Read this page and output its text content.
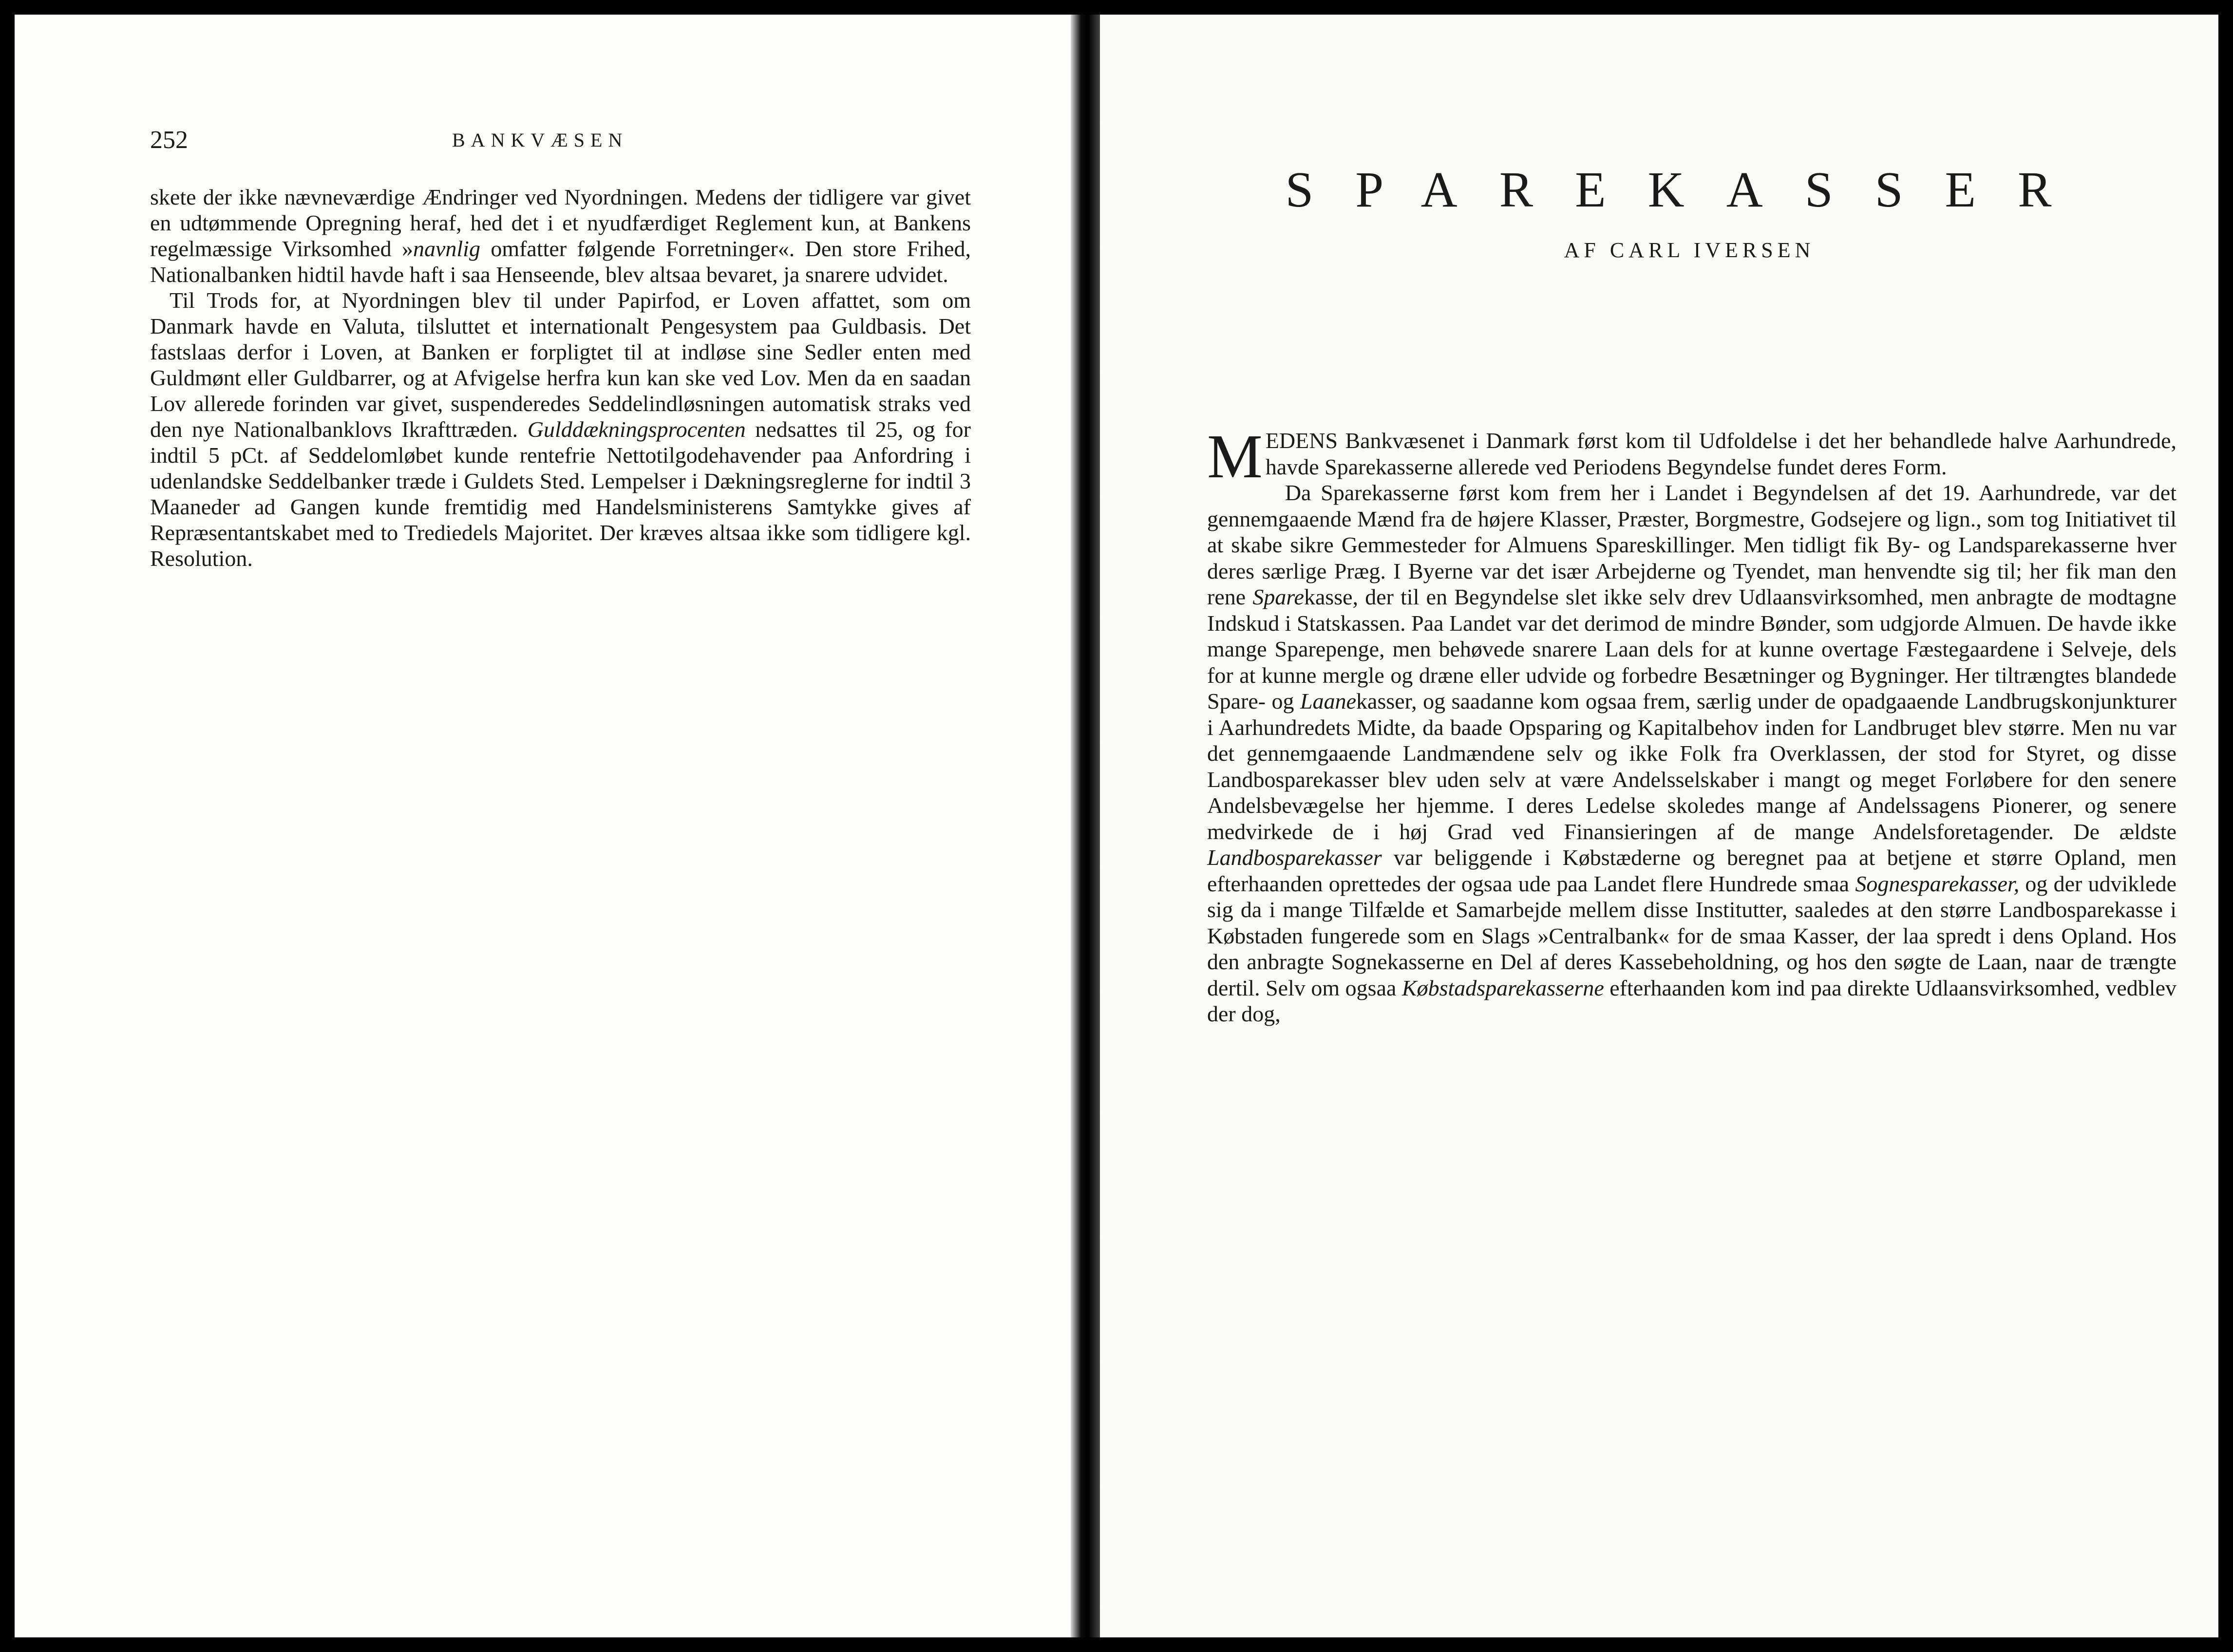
252	BANKVÆSEN

skete der ikke nævneværdige Ændringer ved Nyordningen. Medens der tidligere var givet en udtømmende Opregning heraf, hed det i et nyudfærdiget Reglement kun, at Bankens regelmæssige Virksomhed »navnlig omfatter følgende Forretninger«. Den store Frihed, Nationalbanken hidtil havde haft i saa Henseende, blev altsaa bevaret, ja snarere udvidet.

Til Trods for, at Nyordningen blev til under Papirfod, er Loven affattet, som om Danmark havde en Valuta, tilsluttet et internationalt Pengesystem paa Guldbasis. Det fastslaas derfor i Loven, at Banken er forpligtet til at indløse sine Sedler enten med Guldmønt eller Guldbarrer, og at Afvigelse herfra kun kan ske ved Lov. Men da en saadan Lov allerede forinden var givet, suspenderedes Seddelindløsningen automatisk straks ved den nye Nationalbanklovs Ikrafttræden. Gulddækningsprocenten nedsattes til 25, og for indtil 5 pCt. af Seddelomløbet kunde rentefrie Nettotilgodehavender paa Anfordring i udenlandske Seddelbanker træde i Guldets Sted. Lempelser i Dækningsreglerne for indtil 3 Maaneder ad Gangen kunde fremtidig med Handelsministerens Samtykke gives af Repræsentantskabet med to Trediedels Majoritet. Der kræves altsaa ikke som tidligere kgl. Resolution.

SPAREKASSER
AF CARL IVERSEN

MEDENS Bankvæsenet i Danmark først kom til Udfoldelse i det her behandlede halve Aarhundrede, havde Sparekasserne allerede ved Periodens Begyndelse fundet deres Form.

Da Sparekasserne først kom frem her i Landet i Begyndelsen af det 19. Aarhundrede, var det gennemgaaende Mænd fra de højere Klasser, Præster, Borgmestre, Godsejere og lign., som tog Initiativet til at skabe sikre Gemmesteder for Almuens Spareskillinger. Men tidligt fik By- og Landsparekasserne hver deres særlige Præg. I Byerne var det især Arbejderne og Tyendet, man henvendte sig til; her fik man den rene Sparekasse, der til en Begyndelse slet ikke selv drev Udlaansvirksomhed, men anbragte de modtagne Indskud i Statskassen. Paa Landet var det derimod de mindre Bønder, som udgjorde Almuen. De havde ikke mange Sparepenge, men behøvede snarere Laan dels for at kunne overtage Fæstegaardene i Selveje, dels for at kunne mergle og dræne eller udvide og forbedre Besætninger og Bygninger. Her tiltrængtes blandede Spare- og Laanekasser, og saadanne kom ogsaa frem, særlig under de opadgaaende Landbrugskonjunkturer i Aarhundredets Midte, da baade Opsparing og Kapitalbehov inden for Landbruget blev større. Men nu var det gennemgaaende Landmændene selv og ikke Folk fra Overklassen, der stod for Styret, og disse Landbosparekasser blev uden selv at være Andelsselskaber i mangt og meget Forløbere for den senere Andelsbevægelse her hjemme. I deres Ledelse skoledes mange af Andelssagens Pionerer, og senere medvirkede de i høj Grad ved Finansieringen af de mange Andelsforetagender. De ældste Landbosparekasser var beliggende i Købstæderne og beregnet paa at betjene et større Opland, men efterhaanden oprettedes der ogsaa ude paa Landet flere Hundrede smaa Sognesparekasser, og der udviklede sig da i mange Tilfælde et Samarbejde mellem disse Institutter, saaledes at den større Landbosparekasse i Købstaden fungerede som en Slags »Centralbank« for de smaa Kasser, der laa spredt i dens Opland. Hos den anbragte Sognekasserne en Del af deres Kassebeholdning, og hos den søgte de Laan, naar de trængte dertil. Selv om ogsaa Købstadsparekasserne efterhaanden kom ind paa direkte Udlaansvirksomhed, vedblev der dog,
